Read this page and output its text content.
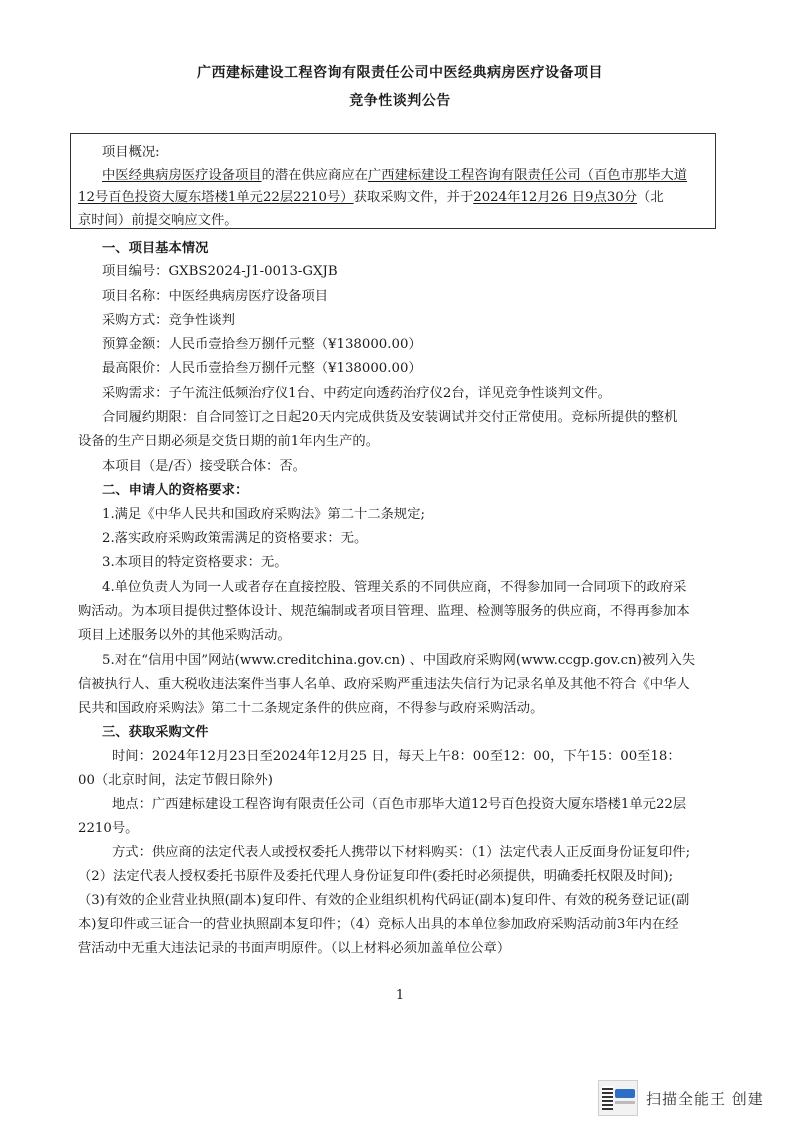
广西建标建设工程咨询有限责任公司中医经典病房医疗设备项目
竞争性谈判公告
项目概况:
中医经典病房医疗设备项目的潜在供应商应在广西建标建设工程咨询有限责任公司（百色市那毕大道
12号百色投资大厦东塔楼1单元22层2210号）获取采购文件，并于2024年12月26 日9点30分（北
京时间）前提交响应文件。
一、项目基本情况
项目编号：GXBS2024-J1-0013-GXJB
项目名称：中医经典病房医疗设备项目
采购方式：竞争性谈判
预算金额：人民币壹拾叁万捌仟元整（¥138000.00）
最高限价：人民币壹拾叁万捌仟元整（¥138000.00）
采购需求：子午流注低频治疗仪1台、中药定向透药治疗仪2台，详见竞争性谈判文件。
合同履约期限：自合同签订之日起20天内完成供货及安装调试并交付正常使用。竞标所提供的整机
设备的生产日期必须是交货日期的前1年内生产的。
本项目（是/否）接受联合体：否。
二、申请人的资格要求：
1.满足《中华人民共和国政府采购法》第二十二条规定;
2.落实政府采购政策需满足的资格要求：无。
3.本项目的特定资格要求：无。
4.单位负责人为同一人或者存在直接控股、管理关系的不同供应商，不得参加同一合同项下的政府采
购活动。为本项目提供过整体设计、规范编制或者项目管理、监理、检测等服务的供应商，不得再参加本
项目上述服务以外的其他采购活动。
5.对在“信用中国”网站(www.creditchina.gov.cn) 、中国政府采购网(www.ccgp.gov.cn)被列入失
信被执行人、重大税收违法案件当事人名单、政府采购严重违法失信行为记录名单及其他不符合《中华人
民共和国政府采购法》第二十二条规定条件的供应商，不得参与政府采购活动。
三、获取采购文件
时间：2024年12月23日至2024年12月25 日，每天上午8：00至12：00，下午15：00至18：
00（北京时间，法定节假日除外)
地点：广西建标建设工程咨询有限责任公司（百色市那毕大道12号百色投资大厦东塔楼1单元22层
2210号。
方式：供应商的法定代表人或授权委托人携带以下材料购买：（1）法定代表人正反面身份证复印件;
（2）法定代表人授权委托书原件及委托代理人身份证复印件(委托时必须提供，明确委托权限及时间);
（3)有效的企业营业执照(副本)复印件、有效的企业组织机构代码证(副本)复印件、有效的税务登记证(副
本)复印件或三证合一的营业执照副本复印件；（4）竞标人出具的本单位参加政府采购活动前3年内在经
营活动中无重大违法记录的书面声明原件。（以上材料必须加盖单位公章）
1
扫描全能王 创建
